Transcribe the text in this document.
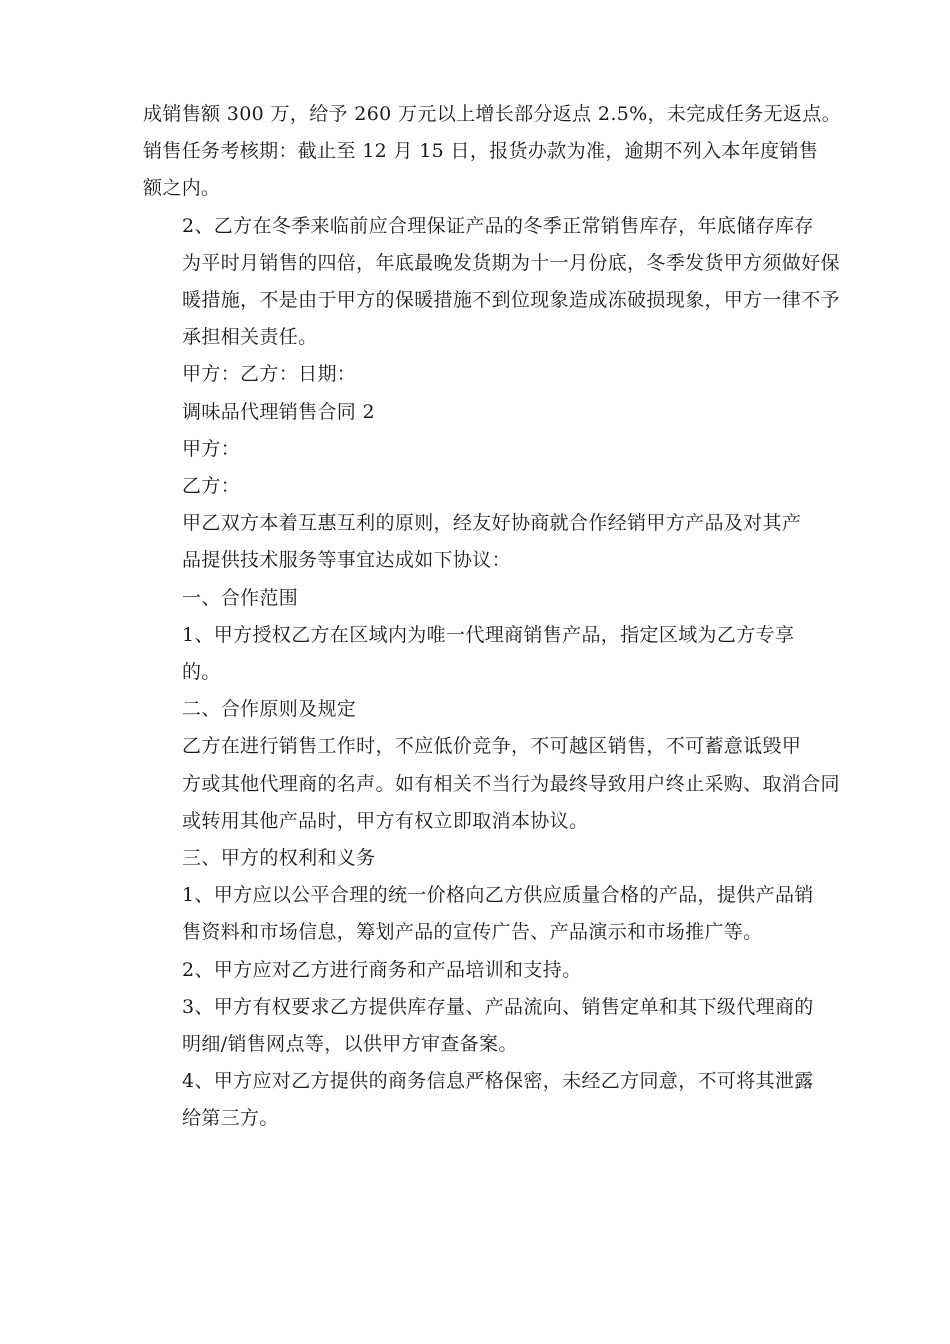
成销售额 300 万，给予 260 万元以上增长部分返点 2.5%，未完成任务无返点。
销售任务考核期：截止至 12 月 15 日，报货办款为准，逾期不列入本年度销售
额之内。

2、乙方在冬季来临前应合理保证产品的冬季正常销售库存，年底储存库存
为平时月销售的四倍，年底最晚发货期为十一月份底，冬季发货甲方须做好保
暖措施，不是由于甲方的保暖措施不到位现象造成冻破损现象，甲方一律不予
承担相关责任。

甲方：乙方：日期：

调味品代理销售合同 2

甲方：

乙方：

甲乙双方本着互惠互利的原则，经友好协商就合作经销甲方产品及对其产
品提供技术服务等事宜达成如下协议：

一、合作范围

1、甲方授权乙方在区域内为唯一代理商销售产品，指定区域为乙方专享
的。

二、合作原则及规定

乙方在进行销售工作时，不应低价竞争，不可越区销售，不可蓄意诋毁甲
方或其他代理商的名声。如有相关不当行为最终导致用户终止采购、取消合同
或转用其他产品时，甲方有权立即取消本协议。

三、甲方的权利和义务

1、甲方应以公平合理的统一价格向乙方供应质量合格的产品，提供产品销
售资料和市场信息，筹划产品的宣传广告、产品演示和市场推广等。

2、甲方应对乙方进行商务和产品培训和支持。

3、甲方有权要求乙方提供库存量、产品流向、销售定单和其下级代理商的
明细/销售网点等，以供甲方审查备案。

4、甲方应对乙方提供的商务信息严格保密，未经乙方同意，不可将其泄露
给第三方。
